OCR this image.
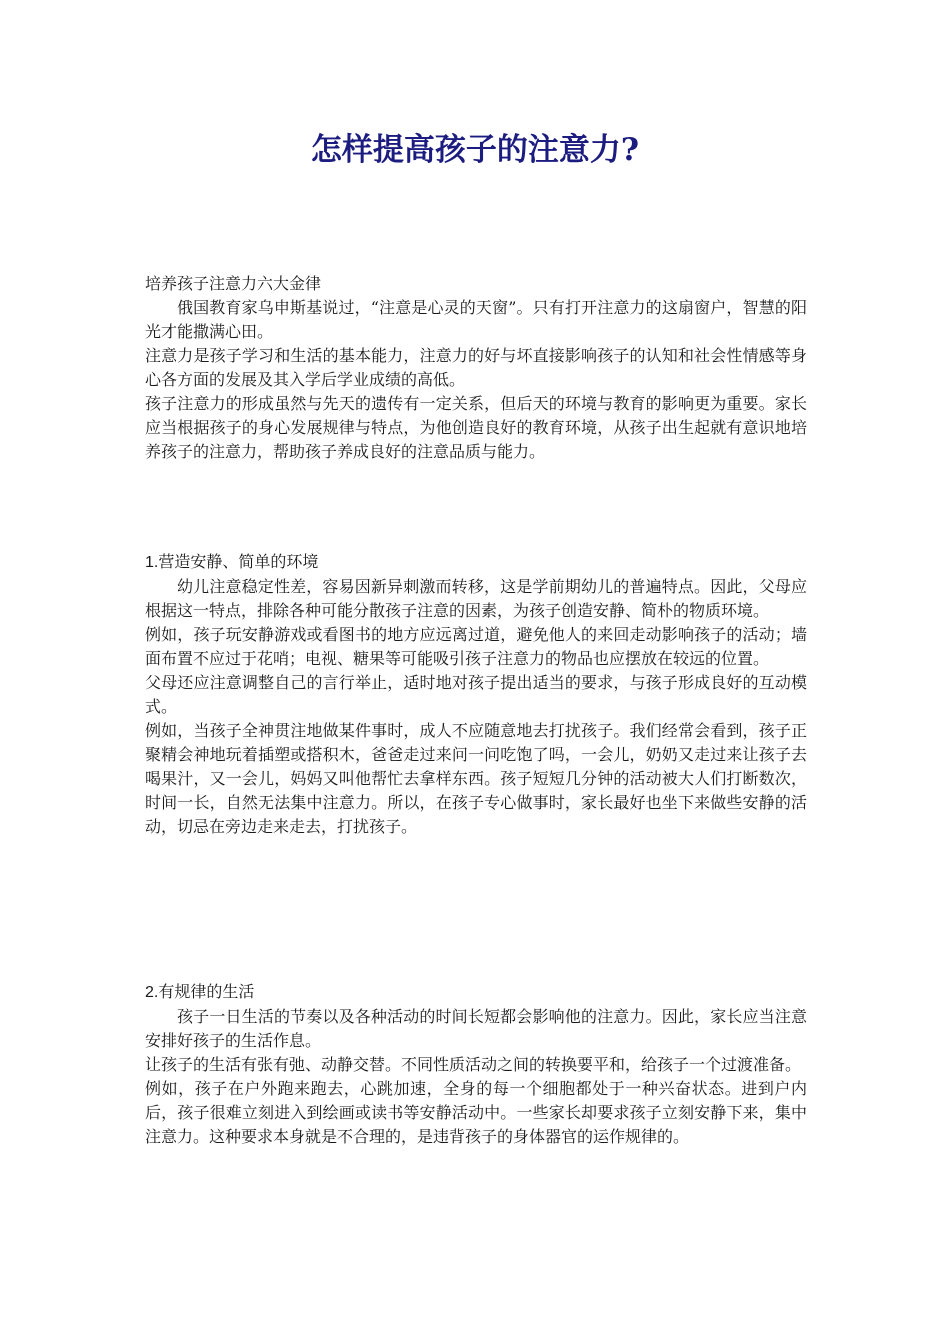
怎样提高孩子的注意力?

培养孩子注意力六大金律

俄国教育家乌申斯基说过，“注意是心灵的天窗”。只有打开注意力的这扇窗户，智慧的阳光才能撒满心田。

注意力是孩子学习和生活的基本能力，注意力的好与坏直接影响孩子的认知和社会性情感等身心各方面的发展及其入学后学业成绩的高低。

孩子注意力的形成虽然与先天的遗传有一定关系，但后天的环境与教育的影响更为重要。家长应当根据孩子的身心发展规律与特点，为他创造良好的教育环境，从孩子出生起就有意识地培养孩子的注意力，帮助孩子养成良好的注意品质与能力。

1.营造安静、简单的环境

幼儿注意稳定性差，容易因新异刺激而转移，这是学前期幼儿的普遍特点。因此，父母应根据这一特点，排除各种可能分散孩子注意的因素，为孩子创造安静、简朴的物质环境。

例如，孩子玩安静游戏或看图书的地方应远离过道，避免他人的来回走动影响孩子的活动；墙面布置不应过于花哨；电视、糖果等可能吸引孩子注意力的物品也应摆放在较远的位置。

父母还应注意调整自己的言行举止，适时地对孩子提出适当的要求，与孩子形成良好的互动模式。

例如，当孩子全神贯注地做某件事时，成人不应随意地去打扰孩子。我们经常会看到，孩子正聚精会神地玩着插塑或搭积木，爸爸走过来问一问吃饱了吗，一会儿，奶奶又走过来让孩子去喝果汁，又一会儿，妈妈又叫他帮忙去拿样东西。孩子短短几分钟的活动被大人们打断数次，时间一长，自然无法集中注意力。所以，在孩子专心做事时，家长最好也坐下来做些安静的活动，切忌在旁边走来走去，打扰孩子。

2.有规律的生活

孩子一日生活的节奏以及各种活动的时间长短都会影响他的注意力。因此，家长应当注意安排好孩子的生活作息。

让孩子的生活有张有弛、动静交替。不同性质活动之间的转换要平和，给孩子一个过渡准备。

例如，孩子在户外跑来跑去，心跳加速，全身的每一个细胞都处于一种兴奋状态。进到户内后，孩子很难立刻进入到绘画或读书等安静活动中。一些家长却要求孩子立刻安静下来，集中注意力。这种要求本身就是不合理的，是违背孩子的身体器官的运作规律的。
